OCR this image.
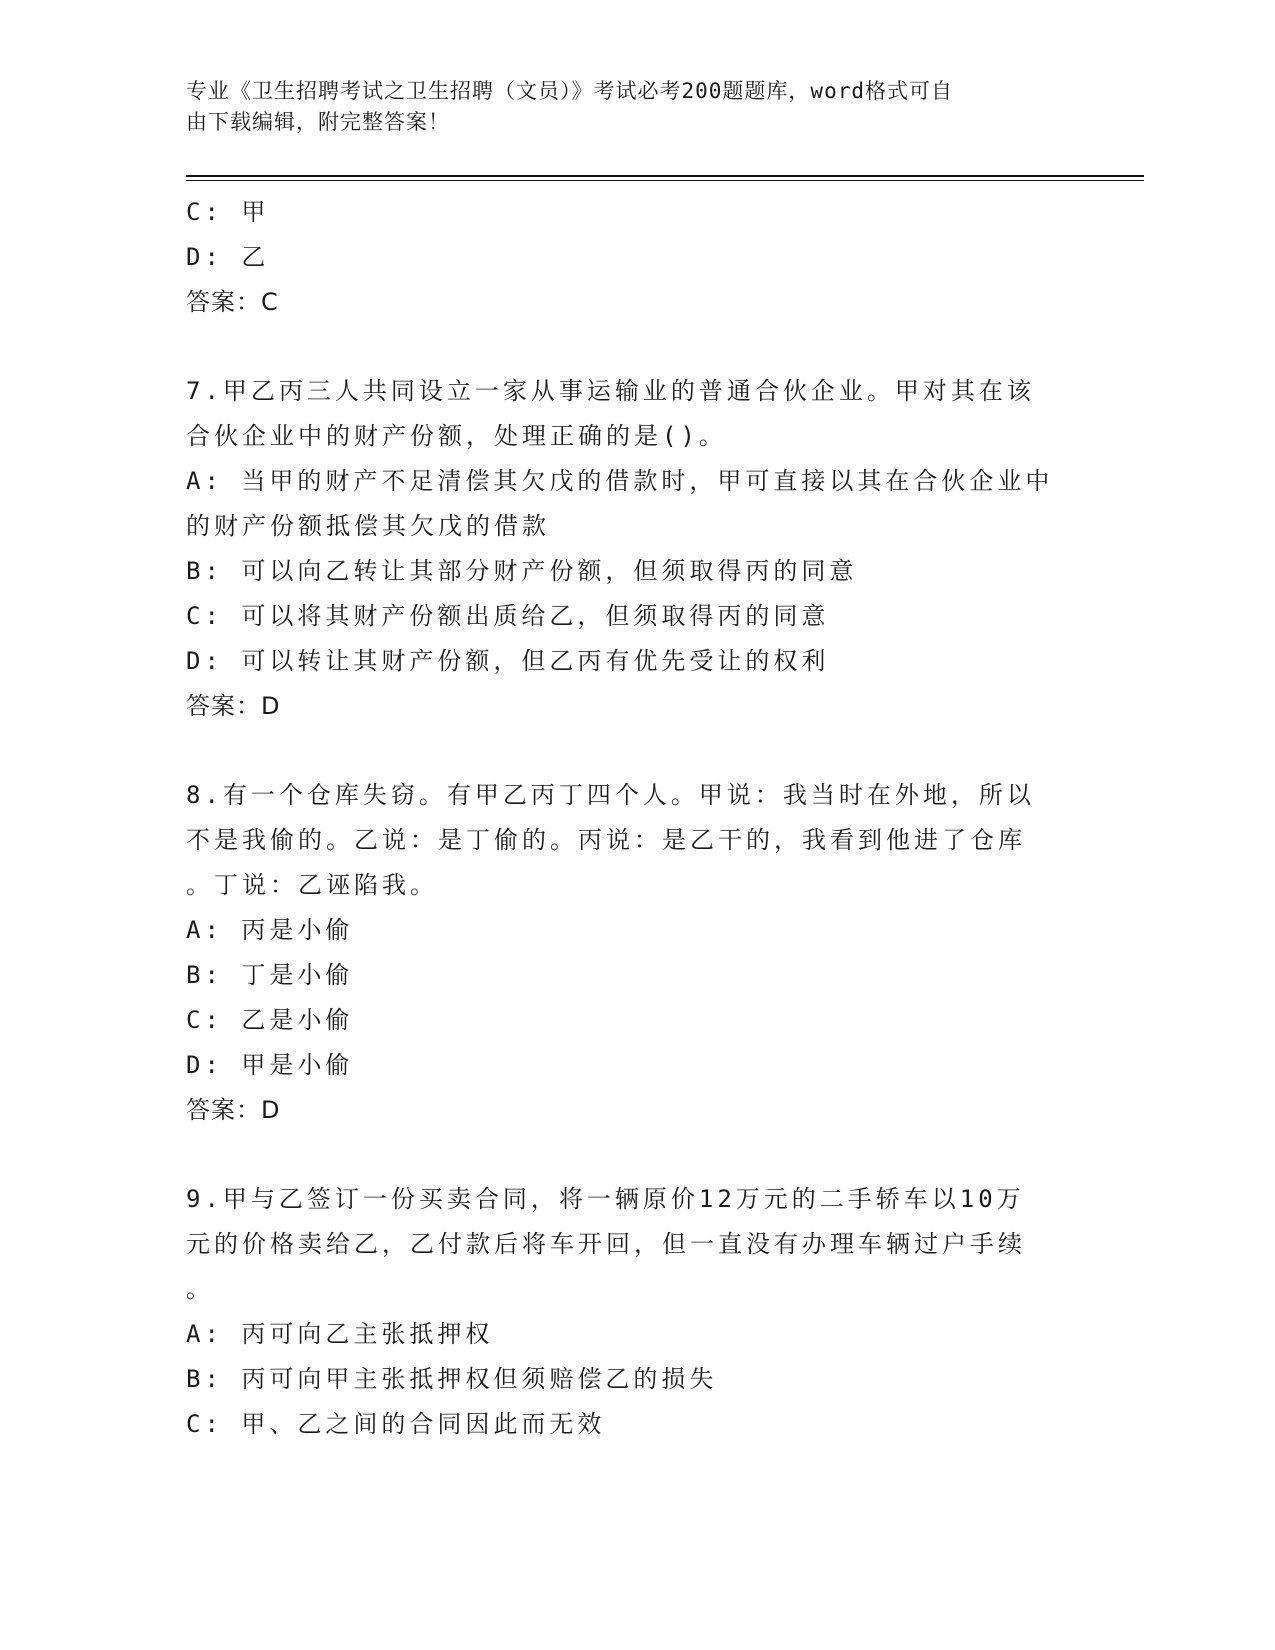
专业《卫生招聘考试之卫生招聘（文员）》考试必考200题题库，word格式可自
由下载编辑，附完整答案！
C: 甲
D: 乙
答案：C
7.甲乙丙三人共同设立一家从事运输业的普通合伙企业。甲对其在该
合伙企业中的财产份额，处理正确的是()。
A: 当甲的财产不足清偿其欠戊的借款时，甲可直接以其在合伙企业中
的财产份额抵偿其欠戊的借款
B: 可以向乙转让其部分财产份额，但须取得丙的同意
C: 可以将其财产份额出质给乙，但须取得丙的同意
D: 可以转让其财产份额，但乙丙有优先受让的权利
答案：D
8.有一个仓库失窃。有甲乙丙丁四个人。甲说：我当时在外地，所以
不是我偷的。乙说：是丁偷的。丙说：是乙干的，我看到他进了仓库
。丁说：乙诬陷我。
A: 丙是小偷
B: 丁是小偷
C: 乙是小偷
D: 甲是小偷
答案：D
9.甲与乙签订一份买卖合同，将一辆原价12万元的二手轿车以10万
元的价格卖给乙，乙付款后将车开回，但一直没有办理车辆过户手续
。
A: 丙可向乙主张抵押权
B: 丙可向甲主张抵押权但须赔偿乙的损失
C: 甲、乙之间的合同因此而无效
